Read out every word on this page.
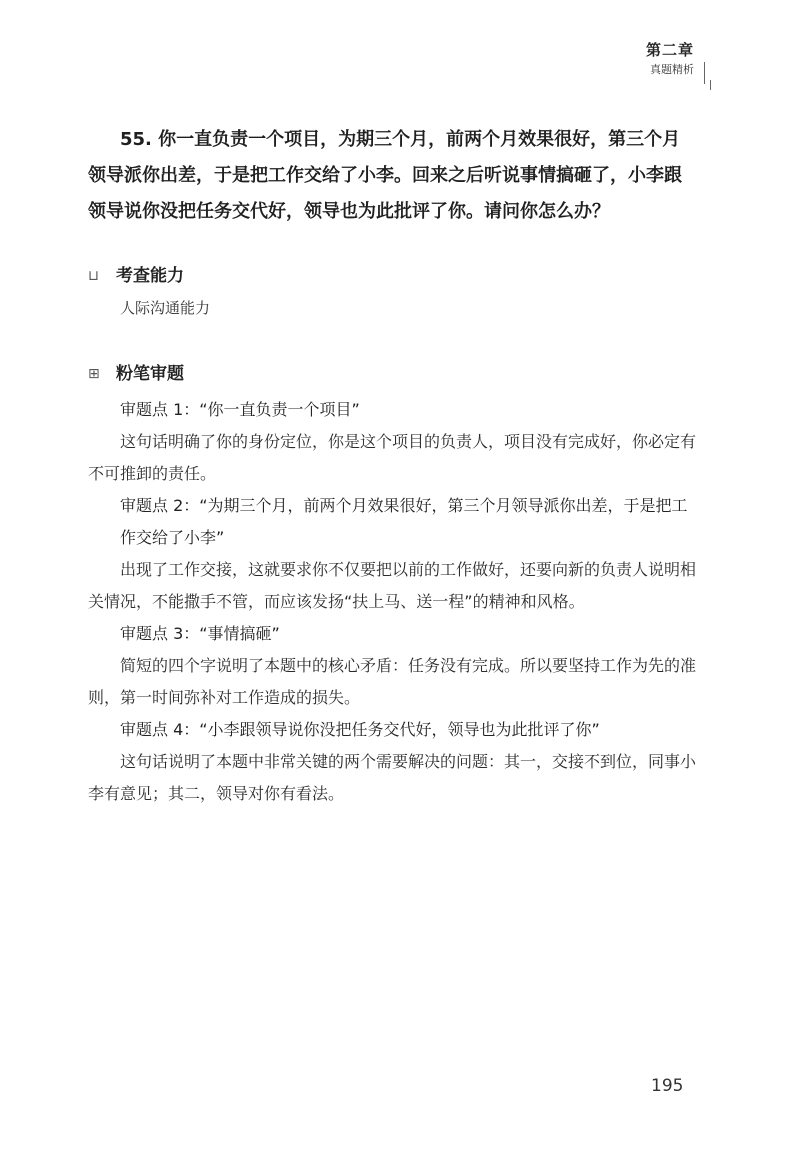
第二章
真题精析
55. 你一直负责一个项目，为期三个月，前两个月效果很好，第三个月领导派你出差，于是把工作交给了小李。回来之后听说事情搞砸了，小李跟领导说你没把任务交代好，领导也为此批评了你。请问你怎么办？
⊔ 考查能力
人际沟通能力
⊞ 粉笔审题

审题点 1：“你一直负责一个项目”

这句话明确了你的身份定位，你是这个项目的负责人，项目没有完成好，你必定有不可推卸的责任。

审题点 2：“为期三个月，前两个月效果很好，第三个月领导派你出差，于是把工作交给了小李”

出现了工作交接，这就要求你不仅要把以前的工作做好，还要向新的负责人说明相关情况，不能撒手不管，而应该发扬“扶上马、送一程”的精神和风格。

审题点 3：“事情搞砸”

简短的四个字说明了本题中的核心矛盾：任务没有完成。所以要坚持工作为先的准则，第一时间弥补对工作造成的损失。

审题点 4：“小李跟领导说你没把任务交代好，领导也为此批评了你”

这句话说明了本题中非常关键的两个需要解决的问题：其一，交接不到位，同事小李有意见；其二，领导对你有看法。

195
